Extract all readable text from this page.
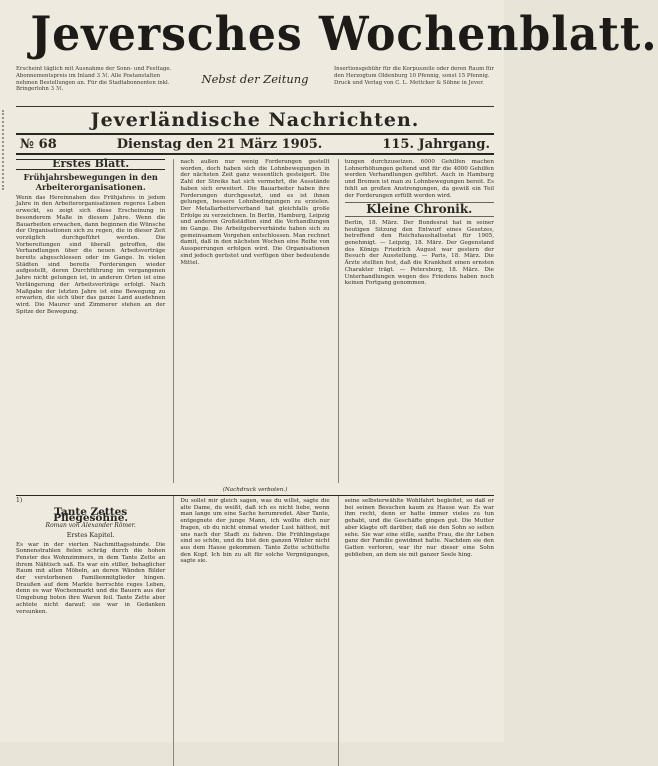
Jeversches Wochenblatt.
Erscheint täglich mit Ausnahme der Sonn- und Festtage. Abonnementspreis im Inland 3 ℳ. Alle Postanstalten nehmen Bestellungen an. Für die Stadtabonnenten inkl. Bringerlohn 3 ℳ.
Nebst der Zeitung
Insertionsgebühr für die Korpuszeile oder deren Raum für den Herzogtum Oldenburg 10 Pfennig, sonst 15 Pfennig. Druck und Verlag von C. L. Mettcker & Söhne in Jever.
Jeverländische Nachrichten.
№ 68	Dienstag den 21 März 1905.	115. Jahrgang.
Erstes Blatt.
Frühjahrsbewegungen in den Arbeiterorganisationen.
Wenn das Hereinnahen des Frühjahres in jedem Jahre in den Arbeiterorganisationen regeres Leben erweckt, so zeigt sich diese Erscheinung in besonderem Maße in diesem Jahre. Wenn die Bauarbeiten erwachen, dann beginnen die Wünsche der Organisationen sich zu regen, die in dieser Zeit vorzüglich durchgeführt werden. Die Vorbereitungen sind überall getroffen, die Verhandlungen über die neuen Arbeitsverträge bereits abgeschlossen oder im Gange. In vielen Städten sind bereits Forderungen wieder aufgestellt, deren Durchführung im vergangenen Jahre nicht gelungen ist, in anderen Orten ist eine Verlängerung der Arbeitsverträge erfolgt. Nach Maßgabe der letzten Jahre ist eine Bewegung zu erwarten, die sich über das ganze Land ausdehnen wird. Die Maurer und Zimmerer stehen an der Spitze der Bewegung.
nach außen nur wenig Forderungen gestellt worden, doch haben sich die Lohnbewegungen in der nächsten Zeit ganz wesentlich gesteigert. Die Zahl der Streiks hat sich vermehrt, die Ausstände haben sich erweitert. Die Bauarbeiter haben ihre Forderungen durchgesetzt, und es ist ihnen gelungen, bessere Lohnbedingungen zu erzielen. Der Metallarbeiterverband hat gleichfalls große Erfolge zu verzeichnen. In Berlin, Hamburg, Leipzig und anderen Großstädten sind die Verhandlungen im Gange. Die Arbeitgeberverbände haben sich zu gemeinsamem Vorgehen entschlossen. Man rechnet damit, daß in den nächsten Wochen eine Reihe von Aussperrungen erfolgen wird. Die Organisationen sind jedoch gerüstet und verfügen über bedeutende Mittel.
tungen durchzusetzen. 6000 Gehilfen machen Lohnerhöhungen geltend und für die 4000 Gehilfen werden Verhandlungen geführt. Auch in Hamburg und Bremen ist man zu Lohnbewegungen bereit. Es fehlt an großen Anstrengungen, da gewiß ein Teil der Forderungen erfüllt werden wird.
Kleine Chronik.
Berlin, 18. März. Der Bundesrat hat in seiner heutigen Sitzung den Entwurf eines Gesetzes, betreffend den Reichshaushaltsetat für 1905, genehmigt. — Leipzig, 18. März. Der Gegenstand des Königs Friedrich August war gestern der Besuch der Ausstellung. — Paris, 18. März. Die Ärzte stellten fest, daß die Krankheit einen ernsten Charakter trägt. — Petersburg, 18. März. Die Unterhandlungen wegen des Friedens haben noch keinen Fortgang genommen.
(Nachdruck verboten.)
1)
Tante Zettes Pflegesöhne.
Roman von Alexander Römer.
Erstes Kapitel.
Es war in der vierten Nachmittagsstunde. Die Sonnenstrahlen fielen schräg durch die hohen Fenster des Wohnzimmers, in dem Tante Zette an ihrem Nähtisch saß. Es war ein stiller, behaglicher Raum mit alten Möbeln, an deren Wänden Bilder der verstorbenen Familienmitglieder hingen. Draußen auf dem Markte herrschte reges Leben, denn es war Wochenmarkt und die Bauern aus der Umgebung boten ihre Waren feil. Tante Zette aber achtete nicht darauf; sie war in Gedanken versunken.
Du sollst mir gleich sagen, was du willst, sagte die alte Dame, du weißt, daß ich es nicht liebe, wenn man lange um eine Sache herumredet. Aber Tante, entgegnete der junge Mann, ich wollte dich nur fragen, ob du nicht einmal wieder Lust hättest, mit uns nach der Stadt zu fahren. Die Frühlingstage sind so schön, und du bist den ganzen Winter nicht aus dem Hause gekommen. Tante Zette schüttelte den Kopf. Ich bin zu alt für solche Vergnügungen, sagte sie.
seine selbsterwählte Wohlfahrt begleitet, so daß er bei seinen Besuchen kaum zu Hause war. Es war ihm recht, denn er hatte immer vieles zu tun gehabt, und die Geschäfte gingen gut. Die Mutter aber klagte oft darüber, daß sie den Sohn so selten sehe. Sie war eine stille, sanfte Frau, die ihr Leben ganz der Familie gewidmet hatte. Nachdem sie den Gatten verloren, war ihr nur dieser eine Sohn geblieben, an dem sie mit ganzer Seele hing.
